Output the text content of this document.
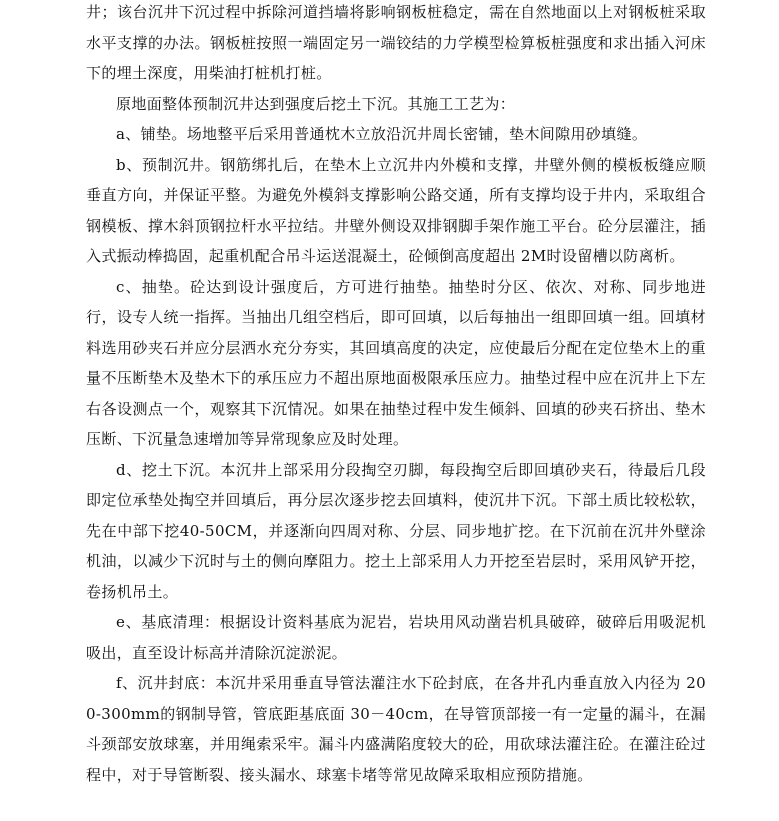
井；该台沉井下沉过程中拆除河道挡墙将影响钢板桩稳定，需在自然地面以上对钢板桩采取水平支撑的办法。钢板桩按照一端固定另一端铰结的力学模型检算板桩强度和求出插入河床下的埋土深度，用柴油打桩机打桩。

原地面整体预制沉井达到强度后挖土下沉。其施工工艺为：

a、铺垫。场地整平后采用普通枕木立放沿沉井周长密铺，垫木间隙用砂填缝。

b、预制沉井。钢筋绑扎后，在垫木上立沉井内外模和支撑，井壁外侧的模板板缝应顺垂直方向，并保证平整。为避免外模斜支撑影响公路交通，所有支撑均设于井内，采取组合钢模板、撑木斜顶钢拉杆水平拉结。井壁外侧设双排钢脚手架作施工平台。砼分层灌注，插入式振动棒捣固，起重机配合吊斗运送混凝土，砼倾倒高度超出 2M时设留槽以防离析。

c、抽垫。砼达到设计强度后，方可进行抽垫。抽垫时分区、依次、对称、同步地进行，设专人统一指挥。当抽出几组空档后，即可回填，以后每抽出一组即回填一组。回填材料选用砂夹石并应分层洒水充分夯实，其回填高度的决定，应使最后分配在定位垫木上的重量不压断垫木及垫木下的承压应力不超出原地面极限承压应力。抽垫过程中应在沉井上下左右各设测点一个，观察其下沉情况。如果在抽垫过程中发生倾斜、回填的砂夹石挤出、垫木压断、下沉量急速增加等异常现象应及时处理。

d、挖土下沉。本沉井上部采用分段掏空刃脚，每段掏空后即回填砂夹石，待最后几段即定位承垫处掏空并回填后，再分层次逐步挖去回填料，使沉井下沉。下部土质比较松软，先在中部下挖40-50CM，并逐渐向四周对称、分层、同步地扩挖。在下沉前在沉井外壁涂机油，以减少下沉时与土的侧向摩阻力。挖土上部采用人力开挖至岩层时，采用风铲开挖，卷扬机吊土。

e、基底清理：根据设计资料基底为泥岩，岩块用风动凿岩机具破碎，破碎后用吸泥机吸出，直至设计标高并清除沉淀淤泥。

f、沉井封底：本沉井采用垂直导管法灌注水下砼封底，在各井孔内垂直放入内径为 200-300mm的钢制导管，管底距基底面 30－40cm，在导管顶部接一有一定量的漏斗，在漏斗颈部安放球塞，并用绳索采牢。漏斗内盛满陷度较大的砼，用砍球法灌注砼。在灌注砼过程中，对于导管断裂、接头漏水、球塞卡堵等常见故障采取相应预防措施。
